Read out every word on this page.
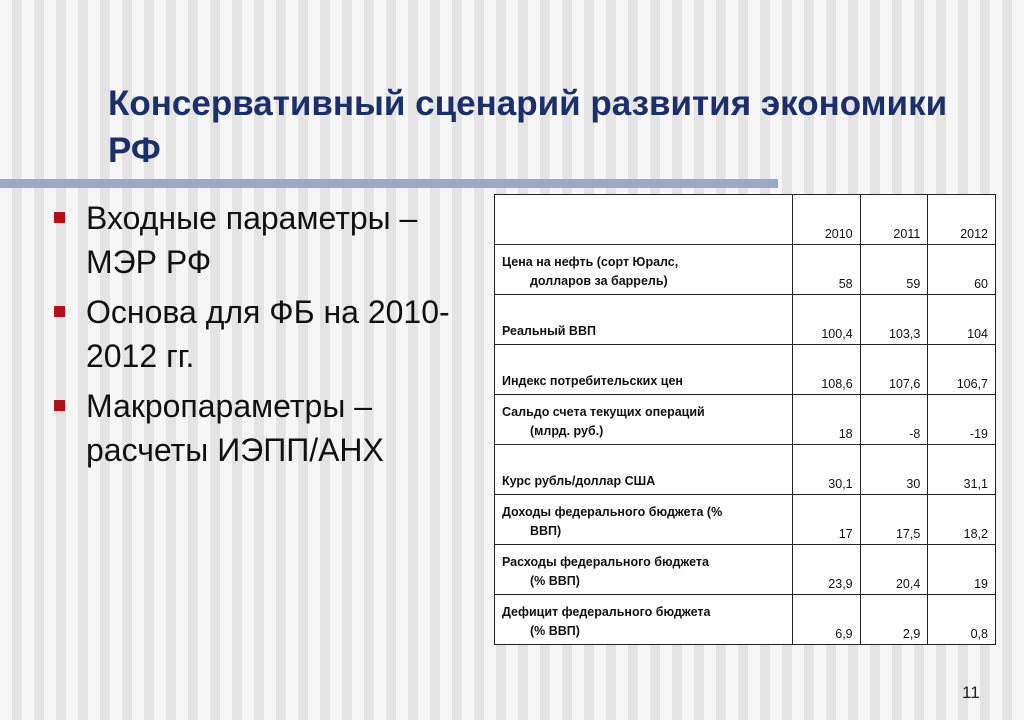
Консервативный сценарий развития экономики РФ
Входные параметры – МЭР РФ
Основа для ФБ на 2010-2012 гг.
Макропараметры – расчеты ИЭПП/АНХ
	2010	2011	2012
Цена на нефть (сорт Юралс,
долларов за баррель)	58	59	60
Реальный ВВП	100,4	103,3	104
Индекс потребительских цен	108,6	107,6	106,7
Сальдо счета текущих операций
(млрд. руб.)	18	-8	-19
Курс рубль/доллар США	30,1	30	31,1
Доходы федерального бюджета (%
ВВП)	17	17,5	18,2
Расходы федерального бюджета
(% ВВП)	23,9	20,4	19
Дефицит федерального бюджета
(% ВВП)	6,9	2,9	0,8
11
